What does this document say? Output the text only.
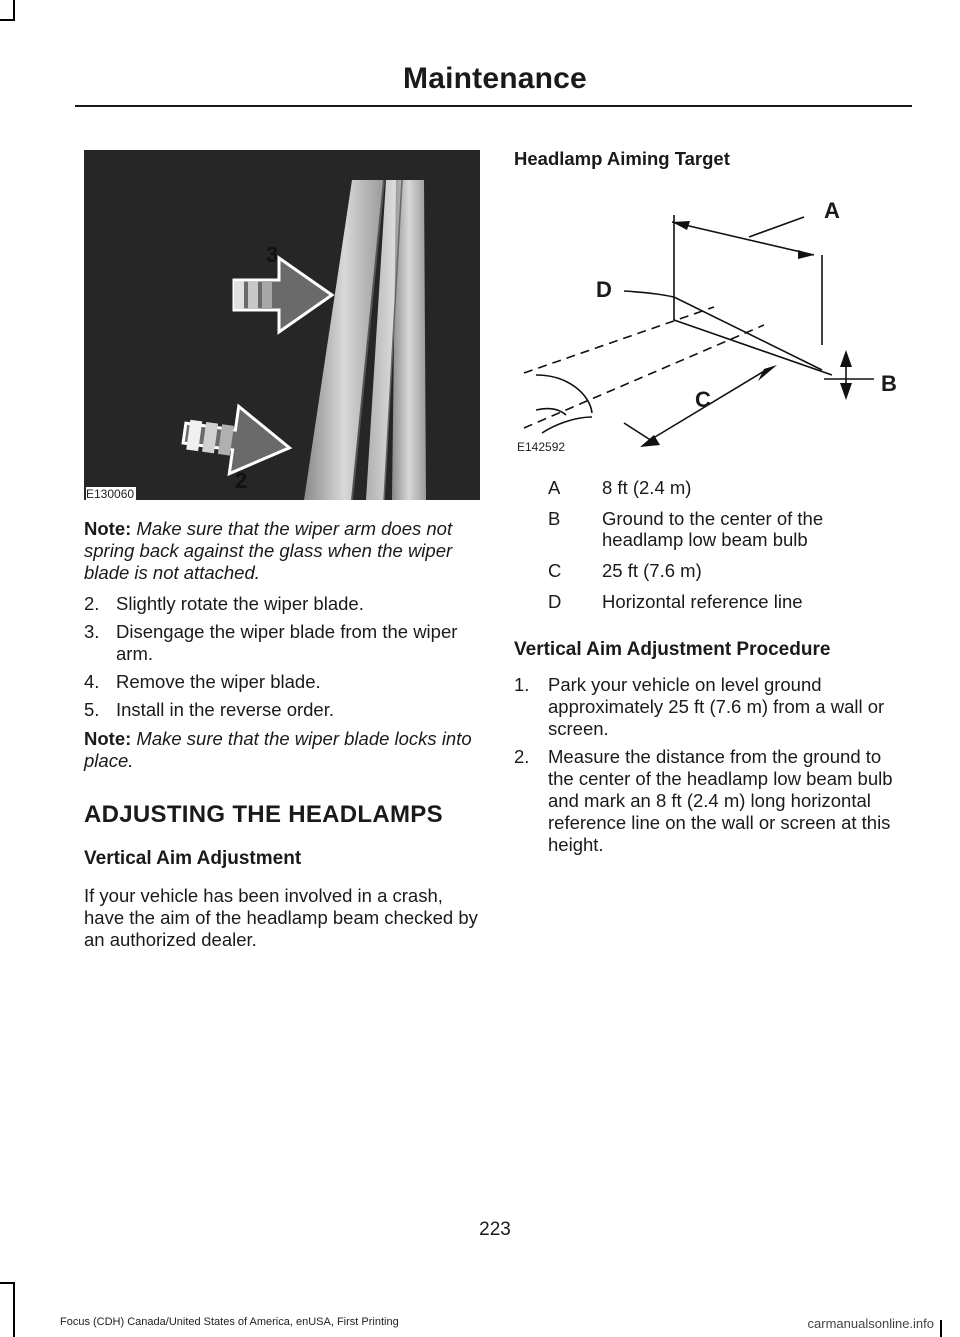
Maintenance
3
2
E130060
Note: Make sure that the wiper arm does not spring back against the glass when the wiper blade is not attached.
2. Slightly rotate the wiper blade.
3. Disengage the wiper blade from the wiper arm.
4. Remove the wiper blade.
5. Install in the reverse order.
Note: Make sure that the wiper blade locks into place.
ADJUSTING THE HEADLAMPS
Vertical Aim Adjustment
If your vehicle has been involved in a crash, have the aim of the headlamp beam checked by an authorized dealer.
Headlamp Aiming Target
A
B
C
D
E142592
A 8 ft (2.4 m)
B Ground to the center of the headlamp low beam bulb
C 25 ft (7.6 m)
D Horizontal reference line
Vertical Aim Adjustment Procedure
1. Park your vehicle on level ground approximately 25 ft (7.6 m) from a wall or screen.
2. Measure the distance from the ground to the center of the headlamp low beam bulb and mark an 8 ft (2.4 m) long horizontal reference line on the wall or screen at this height.
223
Focus (CDH) Canada/United States of America, enUSA, First Printing	carmanualsonline.info
